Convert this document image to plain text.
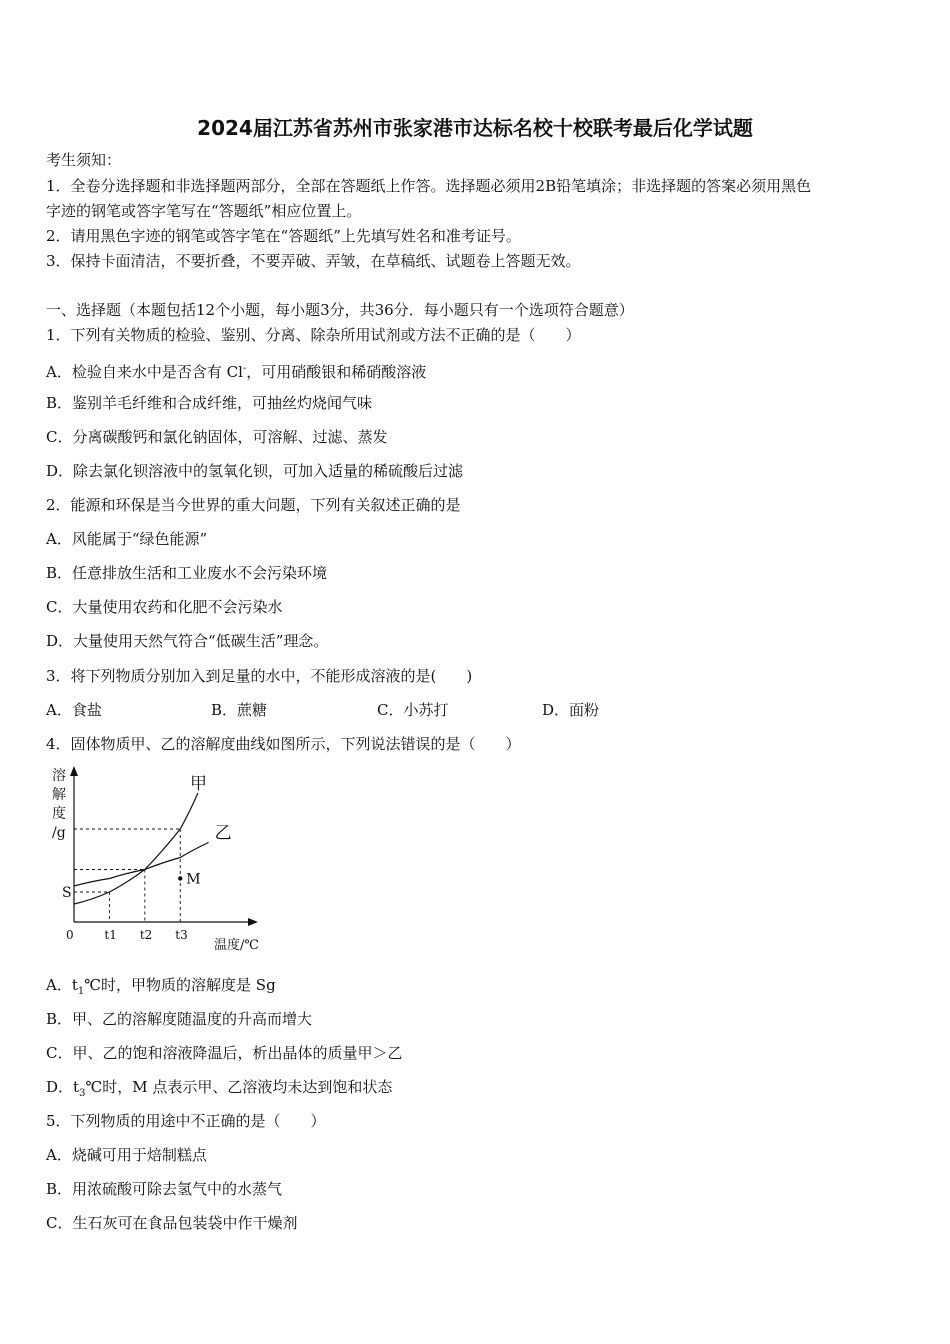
2024届江苏省苏州市张家港市达标名校十校联考最后化学试题
考生须知：
1．全卷分选择题和非选择题两部分，全部在答题纸上作答。选择题必须用2B铅笔填涂；非选择题的答案必须用黑色
字迹的钢笔或答字笔写在“答题纸”相应位置上。
2．请用黑色字迹的钢笔或答字笔在“答题纸”上先填写姓名和准考证号。
3．保持卡面清洁，不要折叠，不要弄破、弄皱，在草稿纸、试题卷上答题无效。
一、选择题（本题包括12个小题，每小题3分，共36分．每小题只有一个选项符合题意）
1．下列有关物质的检验、鉴别、分离、除杂所用试剂或方法不正确的是（　　）
A．检验自来水中是否含有 Cl-，可用硝酸银和稀硝酸溶液
B．鉴别羊毛纤维和合成纤维，可抽丝灼烧闻气味
C．分离碳酸钙和氯化钠固体，可溶解、过滤、蒸发
D．除去氯化钡溶液中的氢氧化钡，可加入适量的稀硫酸后过滤
2．能源和环保是当今世界的重大问题，下列有关叙述正确的是
A．风能属于“绿色能源”
B．任意排放生活和工业废水不会污染环境
C．大量使用农药和化肥不会污染水
D．大量使用天然气符合“低碳生活”理念。
3．将下列物质分别加入到足量的水中，不能形成溶液的是(　　)
A．食盐	B．蔗糖	C．小苏打	D．面粉
4．固体物质甲、乙的溶解度曲线如图所示，下列说法错误的是（　　）
甲
乙
t1 t2 t3
溶
解
度
/g
S
0
温度/℃
M
A．$t_1℃$时，甲物质的溶解度是 Sg
B．甲、乙的溶解度随温度的升高而增大
C．甲、乙的饱和溶液降温后，析出晶体的质量甲＞乙
D．$t_3℃$时，M 点表示甲、乙溶液均未达到饱和状态
5．下列物质的用途中不正确的是（　　）
A．烧碱可用于焙制糕点
B．用浓硫酸可除去氢气中的水蒸气
C．生石灰可在食品包装袋中作干燥剂
